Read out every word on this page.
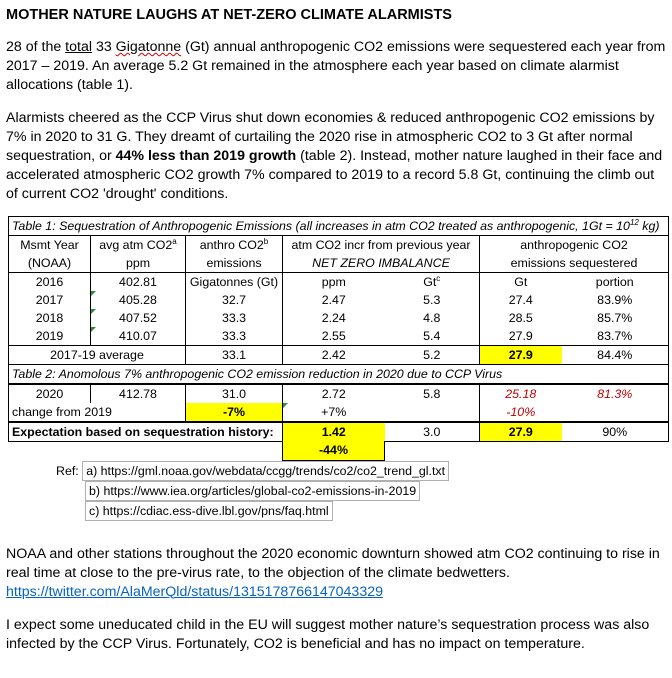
MOTHER NATURE LAUGHS AT NET-ZERO CLIMATE ALARMISTS

28 of the total 33 Gigatonne (Gt) annual anthropogenic CO2 emissions were sequestered each year from 2017 – 2019. An average 5.2 Gt remained in the atmosphere each year based on climate alarmist allocations (table 1).

Alarmists cheered as the CCP Virus shut down economies & reduced anthropogenic CO2 emissions by 7% in 2020 to 31 G. They dreamt of curtailing the 2020 rise in atmospheric CO2 to 3 Gt after normal sequestration, or 44% less than 2019 growth (table 2). Instead, mother nature laughed in their face and accelerated atmospheric CO2 growth 7% compared to 2019 to a record 5.8 Gt, continuing the climb out of current CO2 'drought' conditions.

Table 1: Sequestration of Anthropogenic Emissions (all increases in atm CO2 treated as anthropogenic, $1Gt = 10^{12}$ kg)						
Msmt Year	avg atm CO2$^a$	anthro CO2$^b$	atm CO2 incr from previous year		anthropogenic CO2	
(NOAA)	ppm	emissions	NET ZERO IMBALANCE		emissions sequestered	
2016	402.81	Gigatonnes (Gt)	ppm	Gt$^c$	Gt	portion
2017	405.28	32.7	2.47	5.3	27.4	83.9%
2018	407.52	33.3	2.24	4.8	28.5	85.7%
2019	410.07	33.3	2.55	5.4	27.9	83.7%
2017-19 average		33.1	2.42	5.2	27.9	84.4%
Table 2: Anomolous 7% anthropogenic CO2 emission reduction in 2020 due to CCP Virus						
2020	412.78	31.0	2.72	5.8	25.18	81.3%
change from 2019		-7%	+7%		-10%	
Expectation based on sequestration history:			1.42	3.0	27.9	90%
			-44%			
Ref: a) https://gml.noaa.gov/webdata/ccgg/trends/co2/co2_trend_gl.txt
b) https://www.iea.org/articles/global-co2-emissions-in-2019
c) https://cdiac.ess-dive.lbl.gov/pns/faq.html

NOAA and other stations throughout the 2020 economic downturn showed atm CO2 continuing to rise in real time at close to the pre-virus rate, to the objection of the climate bedwetters.
https://twitter.com/AlaMerQld/status/1315178766147043329

I expect some uneducated child in the EU will suggest mother nature’s sequestration process was also infected by the CCP Virus. Fortunately, CO2 is beneficial and has no impact on temperature.
